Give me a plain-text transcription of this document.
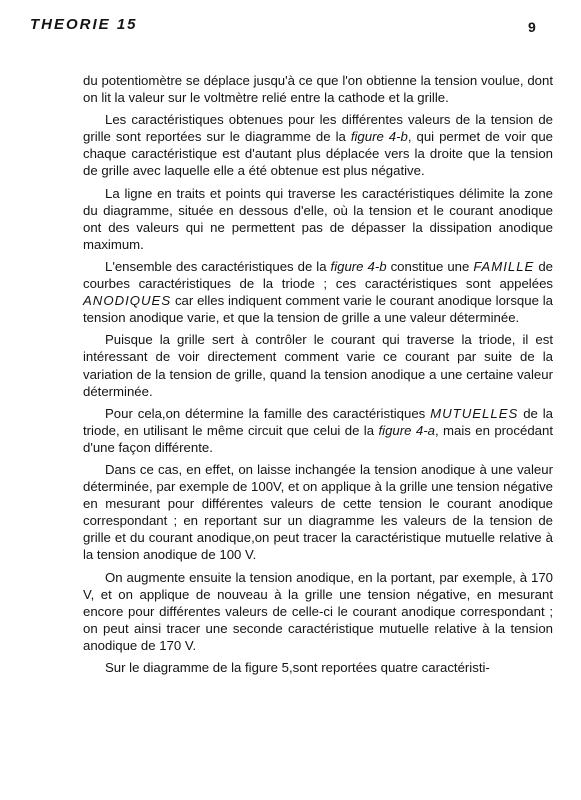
THEORIE 15	9

du potentiomètre se déplace jusqu'à ce que l'on obtienne la tension voulue, dont on lit la valeur sur le voltmètre relié entre la cathode et la grille.

Les caractéristiques obtenues pour les différentes valeurs de la tension de grille sont reportées sur le diagramme de la figure 4-b, qui permet de voir que chaque caractéristique est d'autant plus déplacée vers la droite que la tension de grille avec laquelle elle a été obtenue est plus négative.

La ligne en traits et points qui traverse les caractéristiques délimite la zone du diagramme, située en dessous d'elle, où la tension et le courant anodique ont des valeurs qui ne permettent pas de dépasser la dissipation anodique maximum.

L'ensemble des caractéristiques de la figure 4-b constitue une FAMILLE de courbes caractéristiques de la triode ; ces caractéristiques sont appelées ANODIQUES car elles indiquent comment varie le courant anodique lorsque la tension anodique varie, et que la tension de grille a une valeur déterminée.

Puisque la grille sert à contrôler le courant qui traverse la triode, il est intéressant de voir directement comment varie ce courant par suite de la variation de la tension de grille, quand la tension anodique a une certaine valeur déterminée.

Pour cela,on détermine la famille des caractéristiques MUTUELLES de la triode, en utilisant le même circuit que celui de la figure 4-a, mais en procédant d'une façon différente.

Dans ce cas, en effet, on laisse inchangée la tension anodique à une valeur déterminée, par exemple de 100V, et on applique à la grille une tension négative en mesurant pour différentes valeurs de cette tension le courant anodique correspondant ; en reportant sur un diagramme les valeurs de la tension de grille et du courant anodique,on peut tracer la caractéristique mutuelle relative à la tension anodique de 100 V.

On augmente ensuite la tension anodique, en la portant, par exemple, à 170 V, et on applique de nouveau à la grille une tension négative, en mesurant encore pour différentes valeurs de celle-ci le courant anodique correspondant ; on peut ainsi tracer une seconde caractéristique mutuelle relative à la tension anodique de 170 V.

Sur le diagramme de la figure 5,sont reportées quatre caractéristi-
